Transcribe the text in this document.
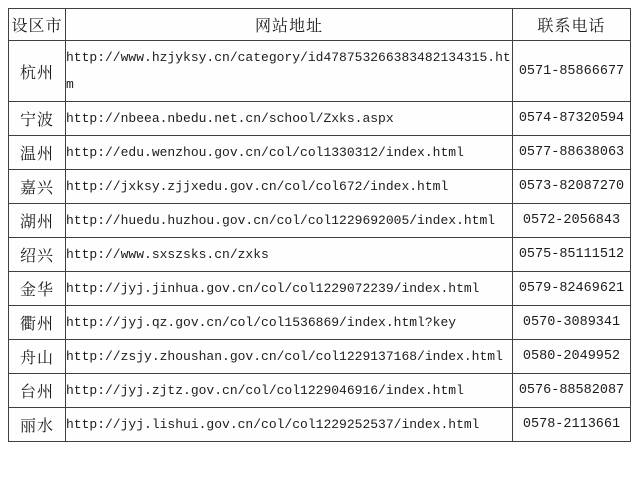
设区市	网站地址	联系电话
杭州	http://www.hzjyksy.cn/category/id478753266383482134315.htm	0571-85866677
宁波	http://nbeea.nbedu.net.cn/school/Zxks.aspx	0574-87320594
温州	http://edu.wenzhou.gov.cn/col/col1330312/index.html	0577-88638063
嘉兴	http://jxksy.zjjxedu.gov.cn/col/col672/index.html	0573-82087270
湖州	http://huedu.huzhou.gov.cn/col/col1229692005/index.html	0572-2056843
绍兴	http://www.sxszsks.cn/zxks	0575-85111512
金华	http://jyj.jinhua.gov.cn/col/col1229072239/index.html	0579-82469621
衢州	http://jyj.qz.gov.cn/col/col1536869/index.html?key	0570-3089341
舟山	http://zsjy.zhoushan.gov.cn/col/col1229137168/index.html	0580-2049952
台州	http://jyj.zjtz.gov.cn/col/col1229046916/index.html	0576-88582087
丽水	http://jyj.lishui.gov.cn/col/col1229252537/index.html	0578-2113661
